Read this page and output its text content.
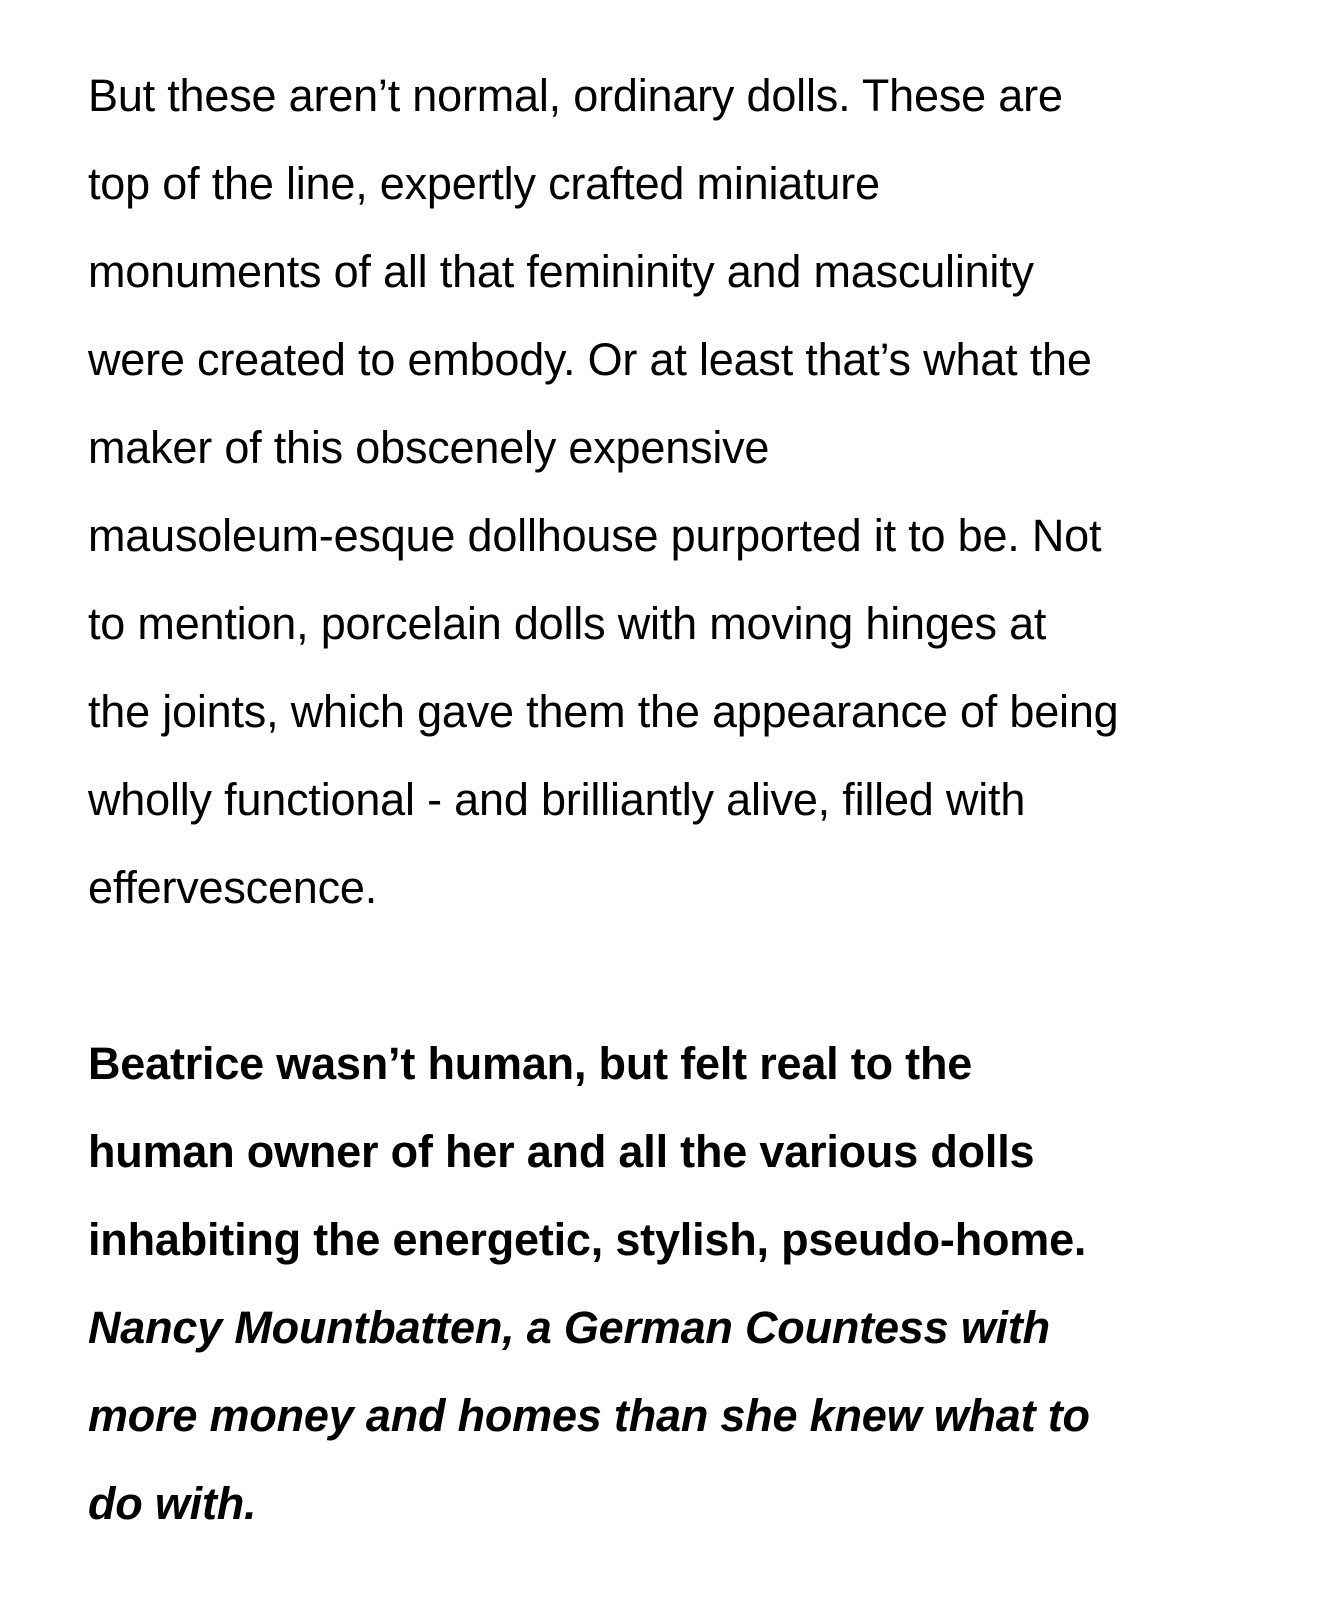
But these aren’t normal, ordinary dolls. These are
top of the line, expertly crafted miniature
monuments of all that femininity and masculinity
were created to embody. Or at least that’s what the
maker of this obscenely expensive
mausoleum-esque dollhouse purported it to be. Not
to mention, porcelain dolls with moving hinges at
the joints, which gave them the appearance of being
wholly functional - and brilliantly alive, filled with
effervescence.
Beatrice wasn’t human, but felt real to the
human owner of her and all the various dolls
inhabiting the energetic, stylish, pseudo-home.
Nancy Mountbatten, a German Countess with
more money and homes than she knew what to
do with.
